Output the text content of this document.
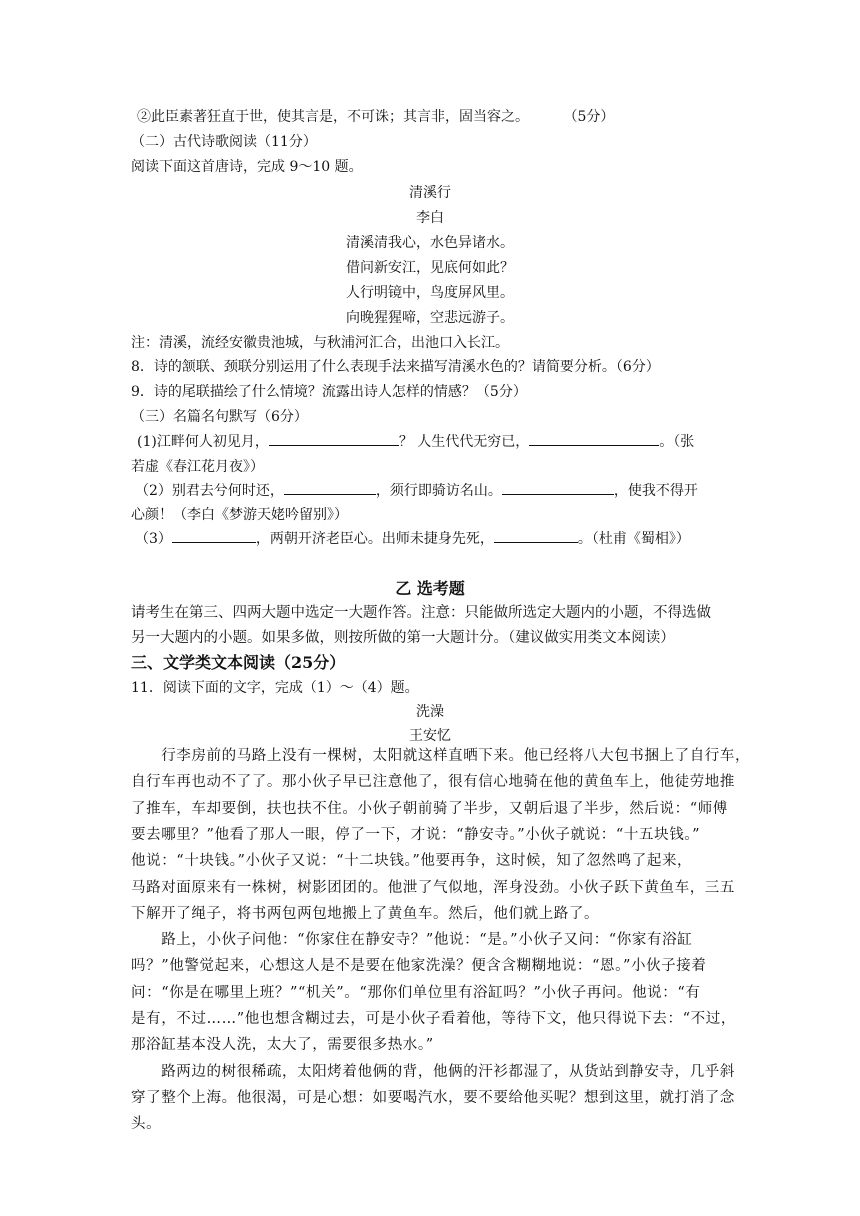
②此臣素著狂直于世，使其言是，不可诛；其言非，固当容之。 （5分）
（二）古代诗歌阅读（11分）
阅读下面这首唐诗，完成 9～10 题。
清溪行
李白
清溪清我心，水色异诸水。
借问新安江，见底何如此？
人行明镜中，鸟度屏风里。
向晚猩猩啼，空悲远游子。
注：清溪，流经安徽贵池城，与秋浦河汇合，出池口入长江。
8．诗的颔联、颈联分别运用了什么表现手法来描写清溪水色的？请简要分析。（6分）
9．诗的尾联描绘了什么情境？流露出诗人怎样的情感？（5分）
（三）名篇名句默写（6分）
(1)江畔何人初见月，	？ 人生代代无穷已，	。（张
若虚《春江花月夜》）
（2）别君去兮何时还，	，须行即骑访名山。	，使我不得开
心颜！（李白《梦游天姥吟留别》）
（3）	，两朝开济老臣心。出师未捷身先死，	。（杜甫《蜀相》）
乙 选考题
请考生在第三、四两大题中选定一大题作答。注意：只能做所选定大题内的小题，不得选做
另一大题内的小题。如果多做，则按所做的第一大题计分。（建议做实用类文本阅读）
三、文学类文本阅读（25分）
11．阅读下面的文字，完成（1）～（4）题。
洗澡
王安忆
　　行李房前的马路上没有一棵树，太阳就这样直晒下来。他已经将八大包书捆上了自行车，
自行车再也动不了了。那小伙子早已注意他了，很有信心地骑在他的黄鱼车上，他徒劳地推
了推车，车却要倒，扶也扶不住。小伙子朝前骑了半步，又朝后退了半步，然后说：“师傅
要去哪里？”他看了那人一眼，停了一下，才说：“静安寺。”小伙子就说：“十五块钱。”
他说：“十块钱。”小伙子又说：“十二块钱。”他要再争，这时候，知了忽然鸣了起来，
马路对面原来有一株树，树影团团的。他泄了气似地，浑身没劲。小伙子跃下黄鱼车，三五
下解开了绳子，将书两包两包地搬上了黄鱼车。然后，他们就上路了。
　　路上，小伙子问他：“你家住在静安寺？”他说：“是。”小伙子又问：“你家有浴缸
吗？”他警觉起来，心想这人是不是要在他家洗澡？便含含糊糊地说：“恩。”小伙子接着
问：“你是在哪里上班？”“机关”。“那你们单位里有浴缸吗？”小伙子再问。他说：“有
是有，不过……”他也想含糊过去，可是小伙子看着他，等待下文，他只得说下去：“不过，
那浴缸基本没人洗，太大了，需要很多热水。”
　　路两边的树很稀疏，太阳烤着他俩的背，他俩的汗衫都湿了，从货站到静安寺，几乎斜
穿了整个上海。他很渴，可是心想：如要喝汽水，要不要给他买呢？想到这里，就打消了念
头。
